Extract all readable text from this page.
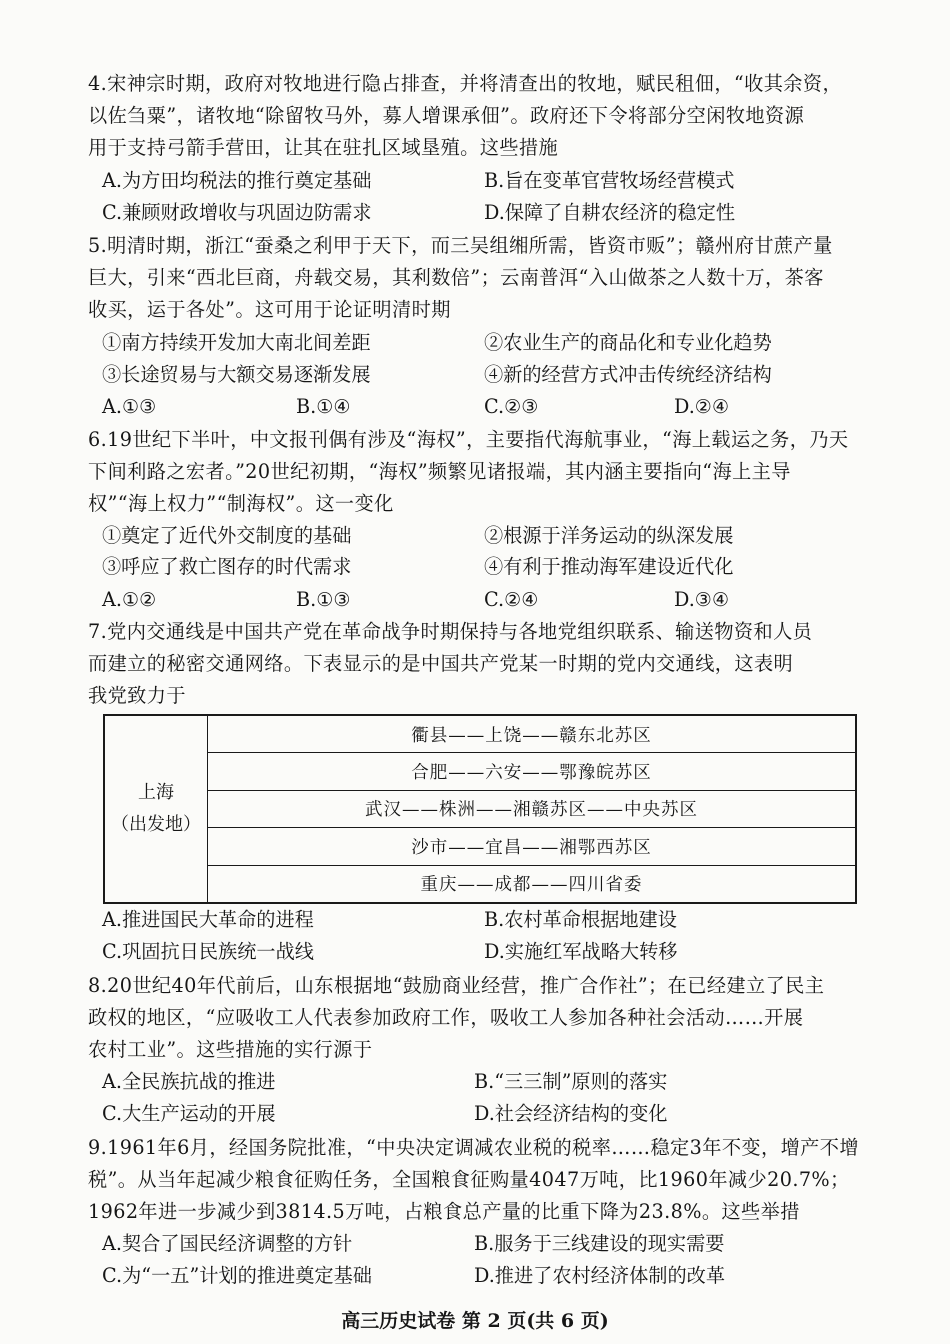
4.宋神宗时期，政府对牧地进行隐占排查，并将清查出的牧地，赋民租佃，“收其余资，
以佐刍粟”，诸牧地“除留牧马外，募人增课承佃”。政府还下令将部分空闲牧地资源
用于支持弓箭手营田，让其在驻扎区域垦殖。这些措施
A.为方田均税法的推行奠定基础	B.旨在变革官营牧场经营模式
C.兼顾财政增收与巩固边防需求	D.保障了自耕农经济的稳定性
5.明清时期，浙江“蚕桑之利甲于天下，而三吴组缃所需，皆资市贩”；赣州府甘蔗产量
巨大，引来“西北巨商，舟载交易，其利数倍”；云南普洱“入山做茶之人数十万，茶客
收买，运于各处”。这可用于论证明清时期
①南方持续开发加大南北间差距	②农业生产的商品化和专业化趋势
③长途贸易与大额交易逐渐发展	④新的经营方式冲击传统经济结构
A.①③	B.①④	C.②③	D.②④
6.19世纪下半叶，中文报刊偶有涉及“海权”，主要指代海航事业，“海上载运之务，乃天
下间利路之宏者。”20世纪初期，“海权”频繁见诸报端，其内涵主要指向“海上主导
权”“海上权力”“制海权”。这一变化
①奠定了近代外交制度的基础	②根源于洋务运动的纵深发展
③呼应了救亡图存的时代需求	④有利于推动海军建设近代化
A.①②	B.①③	C.②④	D.③④
7.党内交通线是中国共产党在革命战争时期保持与各地党组织联系、输送物资和人员
而建立的秘密交通网络。下表显示的是中国共产党某一时期的党内交通线，这表明
我党致力于
上海
（出发地）
	衢县——上饶——赣东北苏区
合肥——六安——鄂豫皖苏区
武汉——株洲——湘赣苏区——中央苏区
沙市——宜昌——湘鄂西苏区
重庆——成都——四川省委
A.推进国民大革命的进程	B.农村革命根据地建设
C.巩固抗日民族统一战线	D.实施红军战略大转移
8.20世纪40年代前后，山东根据地“鼓励商业经营，推广合作社”；在已经建立了民主
政权的地区，“应吸收工人代表参加政府工作，吸收工人参加各种社会活动……开展
农村工业”。这些措施的实行源于
A.全民族抗战的推进	B.“三三制”原则的落实
C.大生产运动的开展	D.社会经济结构的变化
9.1961年6月，经国务院批准，“中央决定调减农业税的税率……稳定3年不变，增产不增
税”。从当年起减少粮食征购任务，全国粮食征购量4047万吨，比1960年减少20.7%；
1962年进一步减少到3814.5万吨，占粮食总产量的比重下降为23.8%。这些举措
A.契合了国民经济调整的方针	B.服务于三线建设的现实需要
C.为“一五”计划的推进奠定基础	D.推进了农村经济体制的改革
高三历史试卷 第 2 页(共 6 页)
